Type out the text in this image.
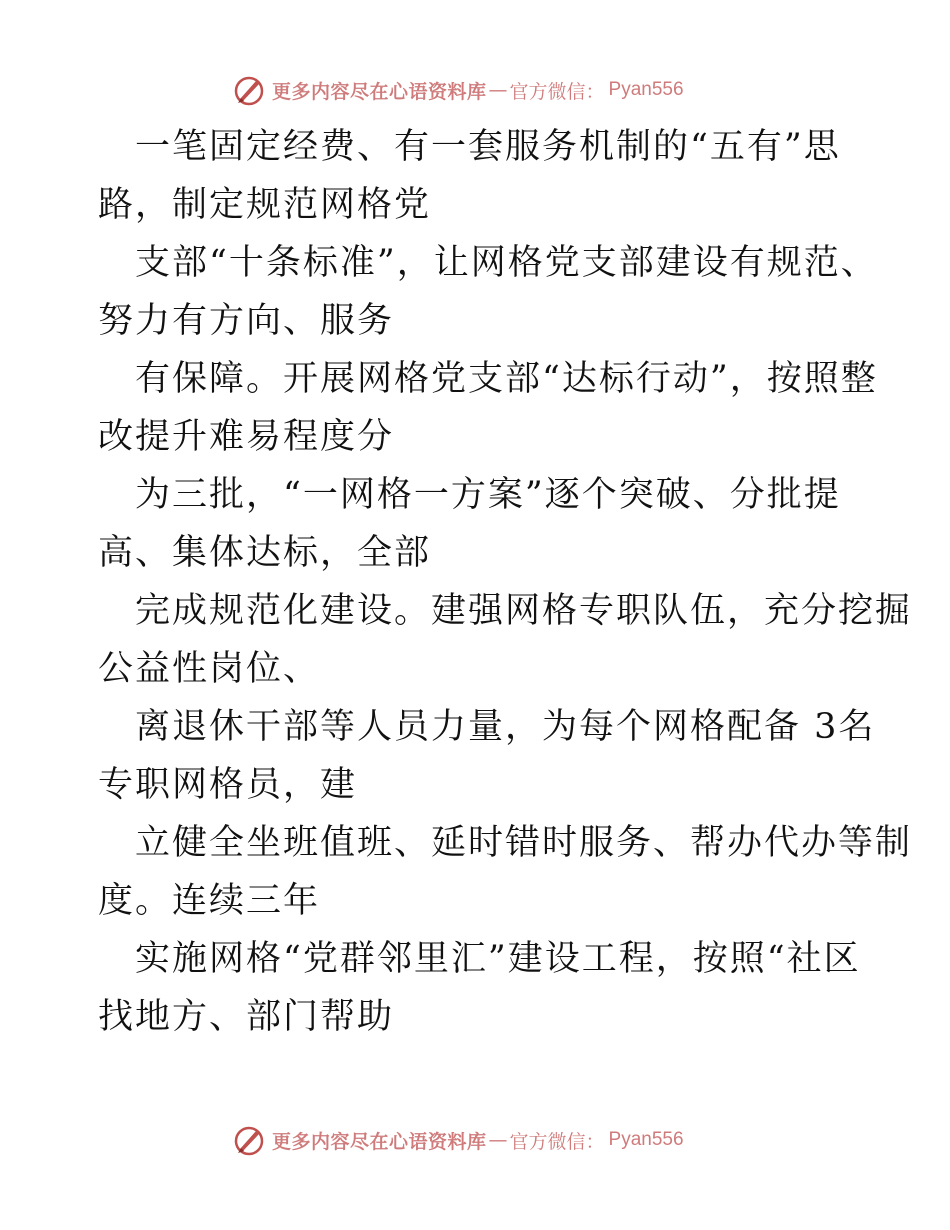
更多内容尽在心语资料库 — 官方微信： Pyan556
一笔固定经费、有一套服务机制的“五有”思
路，制定规范网格党
支部“十条标准”，让网格党支部建设有规范、
努力有方向、服务
有保障。开展网格党支部“达标行动”，按照整
改提升难易程度分
为三批，“一网格一方案”逐个突破、分批提
高、集体达标，全部
完成规范化建设。建强网格专职队伍，充分挖掘
公益性岗位、
离退休干部等人员力量，为每个网格配备 3名
专职网格员，建
立健全坐班值班、延时错时服务、帮办代办等制
度。连续三年
实施网格“党群邻里汇”建设工程，按照“社区
找地方、部门帮助
更多内容尽在心语资料库 — 官方微信： Pyan556
